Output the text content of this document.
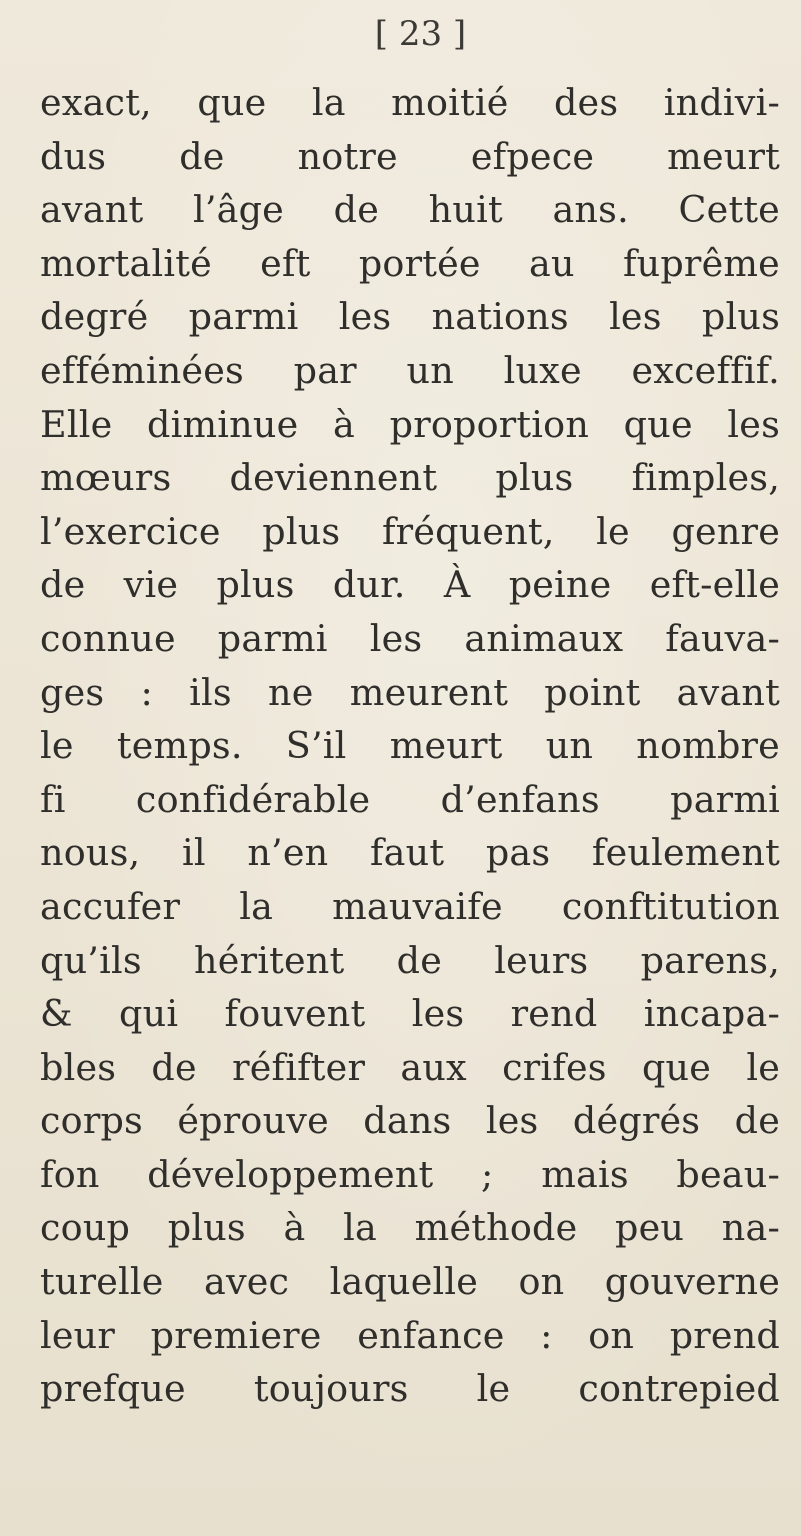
[ 23 ]
exact, que la moitié des indivi-
dus de notre efpece meurt
avant l’âge de huit ans. Cette
mortalité eft portée au fuprême
degré parmi les nations les plus
efféminées par un luxe exceffif.
Elle diminue à proportion que les
mœurs deviennent plus fimples,
l’exercice plus fréquent, le genre
de vie plus dur. À peine eft-elle
connue parmi les animaux fauva-
ges : ils ne meurent point avant
le temps. S’il meurt un nombre
fi confidérable d’enfans parmi
nous, il n’en faut pas feulement
accufer la mauvaife conftitution
qu’ils héritent de leurs parens,
& qui fouvent les rend incapa-
bles de réfifter aux crifes que le
corps éprouve dans les dégrés de
fon développement ; mais beau-
coup plus à la méthode peu na-
turelle avec laquelle on gouverne
leur premiere enfance : on prend
prefque toujours le contrepied
